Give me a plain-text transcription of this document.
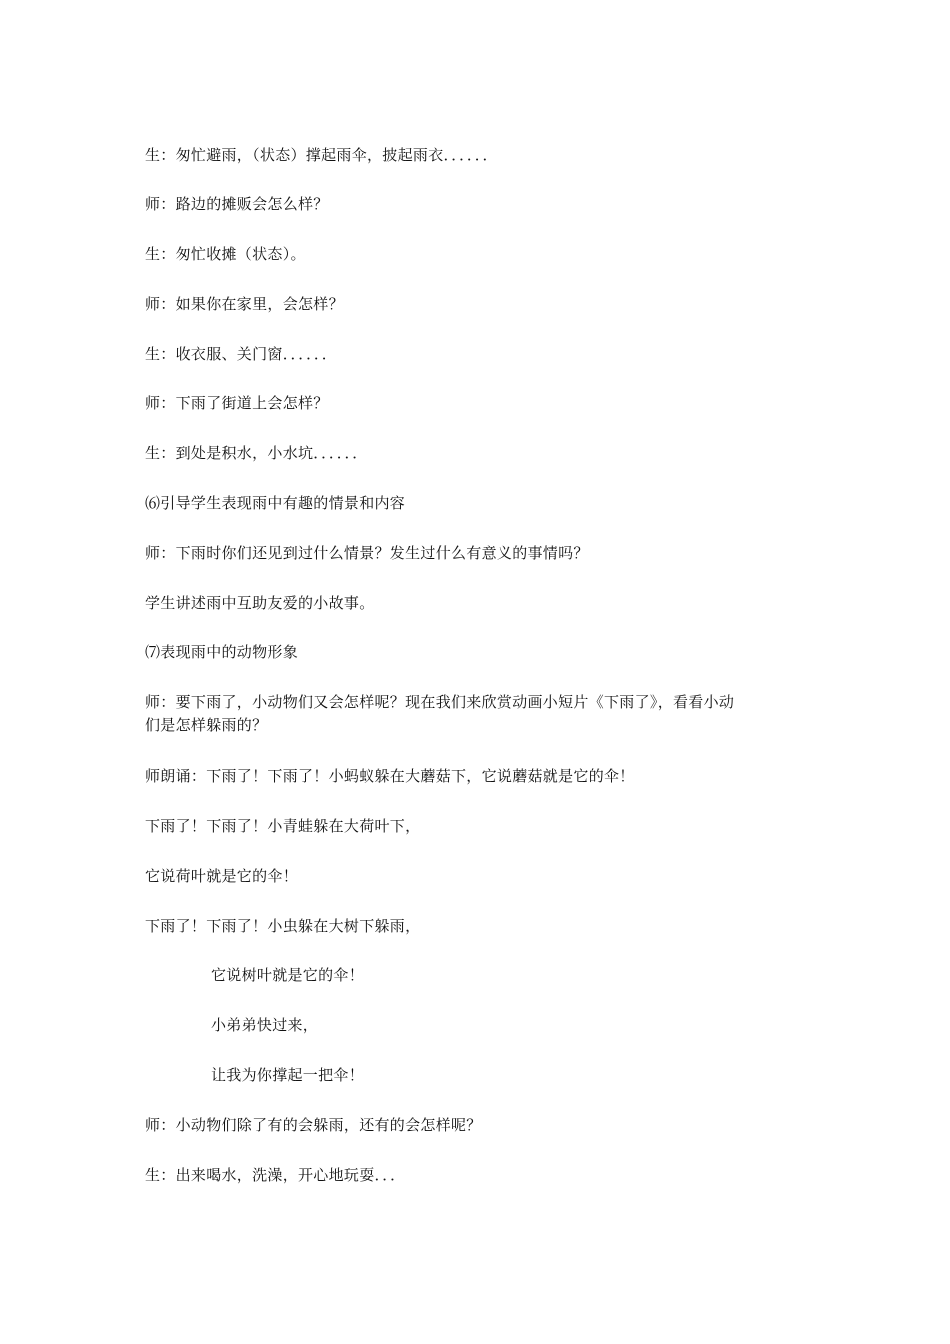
生：匆忙避雨，（状态）撑起雨伞，披起雨衣．．．．．．
师：路边的摊贩会怎么样？
生：匆忙收摊（状态）。
师：如果你在家里，会怎样？
生：收衣服、关门窗．．．．．．
师：下雨了街道上会怎样？
生：到处是积水，小水坑．．．．．．
⑹引导学生表现雨中有趣的情景和内容
师：下雨时你们还见到过什么情景？发生过什么有意义的事情吗？
学生讲述雨中互助友爱的小故事。
⑺表现雨中的动物形象
师：要下雨了，小动物们又会怎样呢？现在我们来欣赏动画小短片《下雨了》，看看小动
们是怎样躲雨的？
师朗诵：下雨了！下雨了！小蚂蚁躲在大蘑菇下，它说蘑菇就是它的伞！
下雨了！下雨了！小青蛙躲在大荷叶下，
它说荷叶就是它的伞！
下雨了！下雨了！小虫躲在大树下躲雨，
它说树叶就是它的伞！
小弟弟快过来，
让我为你撑起一把伞！
师：小动物们除了有的会躲雨，还有的会怎样呢？
生：出来喝水，洗澡，开心地玩耍．．．
